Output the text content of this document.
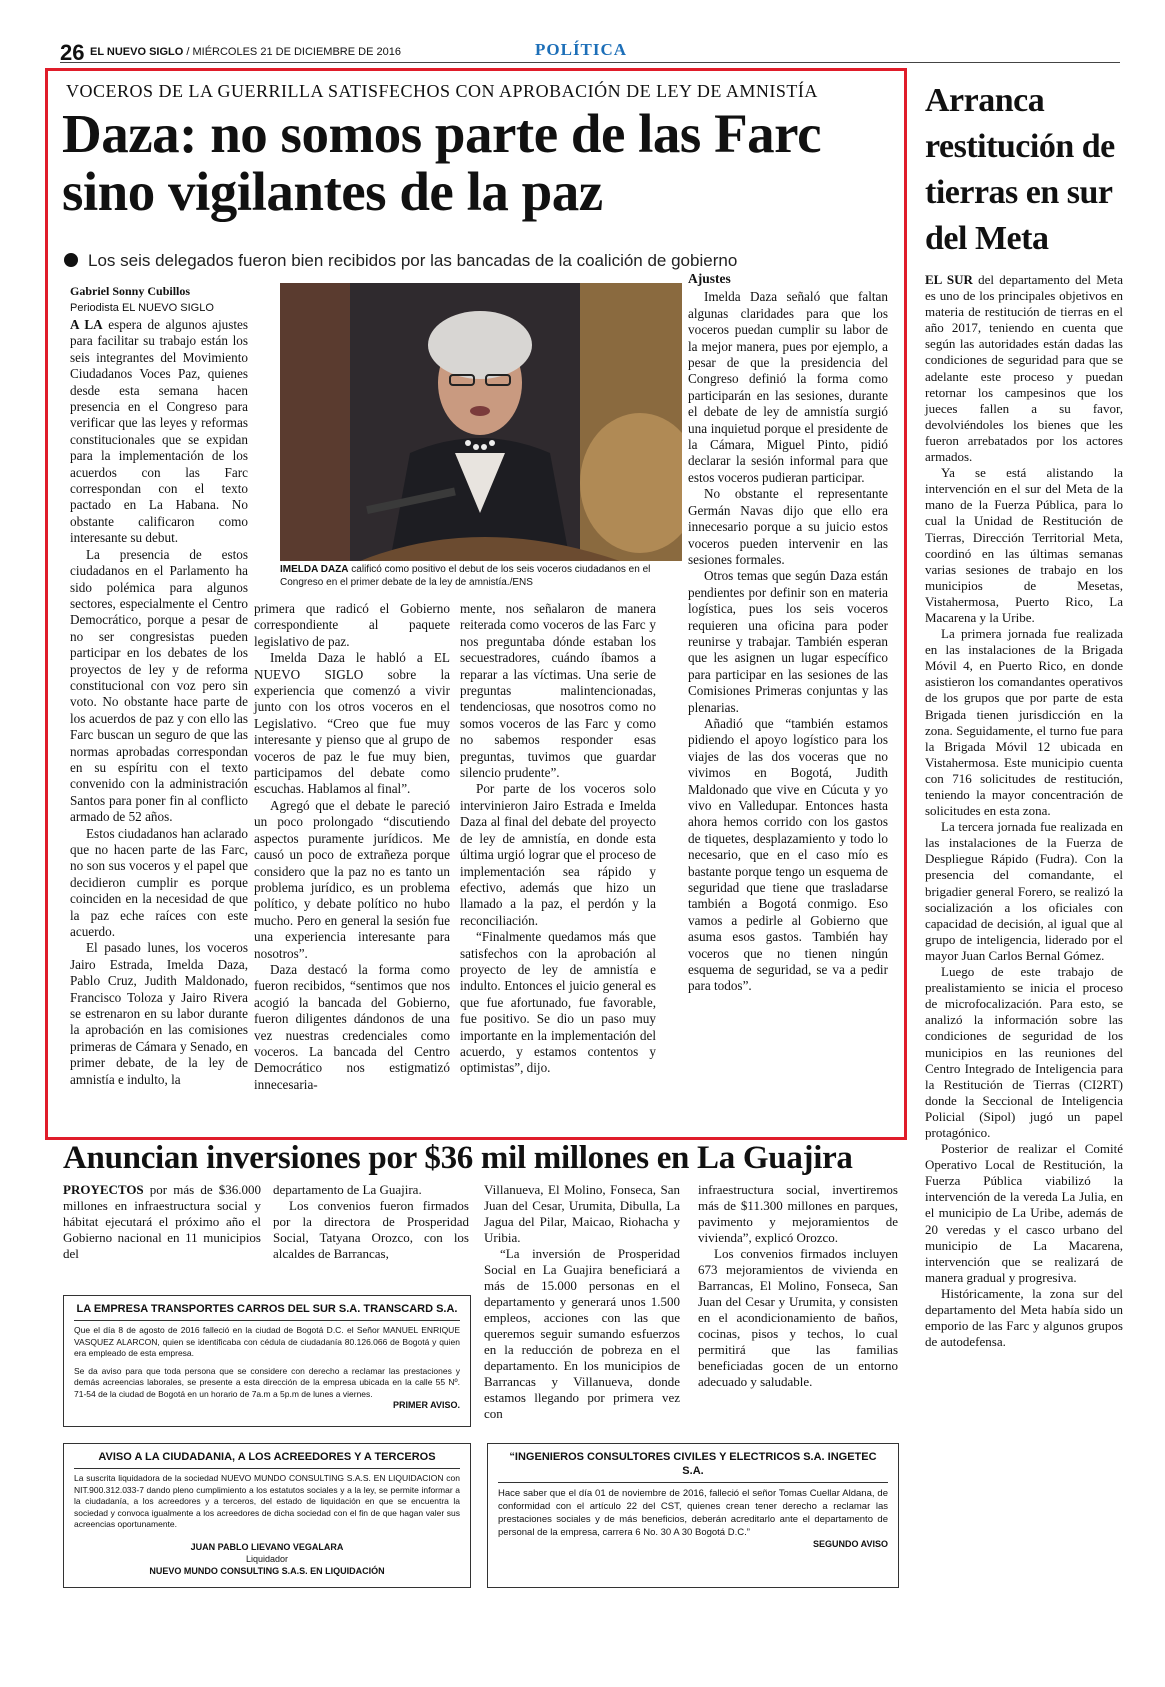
26 EL NUEVO SIGLO / MIÉRCOLES 21 DE DICIEMBRE DE 2016	POLÍTICA
VOCEROS DE LA GUERRILLA SATISFECHOS CON APROBACIÓN DE LEY DE AMNISTÍA
Daza: no somos parte de las Farc sino vigilantes de la paz
Los seis delegados fueron bien recibidos por las bancadas de la coalición de gobierno
Gabriel Sonny Cubillos
Periodista EL NUEVO SIGLO

A LA espera de algunos ajustes para facilitar su trabajo están los seis integrantes del Movimiento Ciudadanos Voces Paz, quienes desde esta semana hacen presencia en el Congreso para verificar que las leyes y reformas constitucionales que se expidan para la implementación de los acuerdos con las Farc correspondan con el texto pactado en La Habana. No obstante calificaron como interesante su debut.

La presencia de estos ciudadanos en el Parlamento ha sido polémica para algunos sectores, especialmente el Centro Democrático, porque a pesar de no ser congresistas pueden participar en los debates de los proyectos de ley y de reforma constitucional con voz pero sin voto. No obstante hace parte de los acuerdos de paz y con ello las Farc buscan un seguro de que las normas aprobadas correspondan en su espíritu con el texto convenido con la administración Santos para poner fin al conflicto armado de 52 años.

Estos ciudadanos han aclarado que no hacen parte de las Farc, no son sus voceros y el papel que decidieron cumplir es porque coinciden en la necesidad de que la paz eche raíces con este acuerdo.

El pasado lunes, los voceros Jairo Estrada, Imelda Daza, Pablo Cruz, Judith Maldonado, Francisco Toloza y Jairo Rivera se estrenaron en su labor durante la aprobación en las comisiones primeras de Cámara y Senado, en primer debate, de la ley de amnistía e indulto, la

IMELDA DAZA calificó como positivo el debut de los seis voceros ciudadanos en el Congreso en el primer debate de la ley de amnistía./ENS

primera que radicó el Gobierno correspondiente al paquete legislativo de paz.

Imelda Daza le habló a EL NUEVO SIGLO sobre la experiencia que comenzó a vivir junto con los otros voceros en el Legislativo. “Creo que fue muy interesante y pienso que al grupo de voceros de paz le fue muy bien, participamos del debate como escuchas. Hablamos al final”.

Agregó que el debate le pareció un poco prolongado “discutiendo aspectos puramente jurídicos. Me causó un poco de extrañeza porque considero que la paz no es tanto un problema jurídico, es un problema político, y debate político no hubo mucho. Pero en general la sesión fue una experiencia interesante para nosotros”.

Daza destacó la forma como fueron recibidos, “sentimos que nos acogió la bancada del Gobierno, fueron diligentes dándonos de una vez nuestras credenciales como voceros. La bancada del Centro Democrático nos estigmatizó innecesaria-

mente, nos señalaron de manera reiterada como voceros de las Farc y nos preguntaba dónde estaban los secuestradores, cuándo íbamos a reparar a las víctimas. Una serie de preguntas malintencionadas, tendenciosas, que nosotros como no somos voceros de las Farc y como no sabemos responder esas preguntas, tuvimos que guardar silencio prudente”.

Por parte de los voceros solo intervinieron Jairo Estrada e Imelda Daza al final del debate del proyecto de ley de amnistía, en donde esta última urgió lograr que el proceso de implementación sea rápido y efectivo, además que hizo un llamado a la paz, el perdón y la reconciliación.

“Finalmente quedamos más que satisfechos con la aprobación al proyecto de ley de amnistía e indulto. Entonces el juicio general es que fue afortunado, fue favorable, fue positivo. Se dio un paso muy importante en la implementación del acuerdo, y estamos contentos y optimistas”, dijo.

Ajustes

Imelda Daza señaló que faltan algunas claridades para que los voceros puedan cumplir su labor de la mejor manera, pues por ejemplo, a pesar de que la presidencia del Congreso definió la forma como participarán en las sesiones, durante el debate de ley de amnistía surgió una inquietud porque el presidente de la Cámara, Miguel Pinto, pidió declarar la sesión informal para que estos voceros pudieran participar.

No obstante el representante Germán Navas dijo que ello era innecesario porque a su juicio estos voceros pueden intervenir en las sesiones formales.

Otros temas que según Daza están pendientes por definir son en materia logística, pues los seis voceros requieren una oficina para poder reunirse y trabajar. También esperan que les asignen un lugar específico para participar en las sesiones de las Comisiones Primeras conjuntas y las plenarias.

Añadió que “también estamos pidiendo el apoyo logístico para los viajes de las dos voceras que no vivimos en Bogotá, Judith Maldonado que vive en Cúcuta y yo vivo en Valledupar. Entonces hasta ahora hemos corrido con los gastos de tiquetes, desplazamiento y todo lo necesario, que en el caso mío es bastante porque tengo un esquema de seguridad que tiene que trasladarse también a Bogotá conmigo. Eso vamos a pedirle al Gobierno que asuma esos gastos. También hay voceros que no tienen ningún esquema de seguridad, se va a pedir para todos”.

Arranca restitución de tierras en sur del Meta

EL SUR del departamento del Meta es uno de los principales objetivos en materia de restitución de tierras en el año 2017, teniendo en cuenta que según las autoridades están dadas las condiciones de seguridad para que se adelante este proceso y puedan retornar los campesinos que los jueces fallen a su favor, devolviéndoles los bienes que les fueron arrebatados por los actores armados.

Ya se está alistando la intervención en el sur del Meta de la mano de la Fuerza Pública, para lo cual la Unidad de Restitución de Tierras, Dirección Territorial Meta, coordinó en las últimas semanas varias sesiones de trabajo en los municipios de Mesetas, Vistahermosa, Puerto Rico, La Macarena y la Uribe.

La primera jornada fue realizada en las instalaciones de la Brigada Móvil 4, en Puerto Rico, en donde asistieron los comandantes operativos de los grupos que por parte de esta Brigada tienen jurisdicción en la zona. Seguidamente, el turno fue para la Brigada Móvil 12 ubicada en Vistahermosa. Este municipio cuenta con 716 solicitudes de restitución, teniendo la mayor concentración de solicitudes en esta zona.

La tercera jornada fue realizada en las instalaciones de la Fuerza de Despliegue Rápido (Fudra). Con la presencia del comandante, el brigadier general Forero, se realizó la socialización a los oficiales con capacidad de decisión, al igual que al grupo de inteligencia, liderado por el mayor Juan Carlos Bernal Gómez.

Luego de este trabajo de prealistamiento se inicia el proceso de microfocalización. Para esto, se analizó la información sobre las condiciones de seguridad de los municipios en las reuniones del Centro Integrado de Inteligencia para la Restitución de Tierras (CI2RT) donde la Seccional de Inteligencia Policial (Sipol) jugó un papel protagónico.

Posterior de realizar el Comité Operativo Local de Restitución, la Fuerza Pública viabilizó la intervención de la vereda La Julia, en el municipio de La Uribe, además de 20 veredas y el casco urbano del municipio de La Macarena, intervención que se realizará de manera gradual y progresiva.

Históricamente, la zona sur del departamento del Meta había sido un emporio de las Farc y algunos grupos de autodefensa.

Anuncian inversiones por $36 mil millones en La Guajira

PROYECTOS por más de $36.000 millones en infraestructura social y hábitat ejecutará el próximo año el Gobierno nacional en 11 municipios del

departamento de La Guajira.

Los convenios fueron firmados por la directora de Prosperidad Social, Tatyana Orozco, con los alcaldes de Barrancas,

Villanueva, El Molino, Fonseca, San Juan del Cesar, Urumita, Dibulla, La Jagua del Pilar, Maicao, Riohacha y Uribia.

“La inversión de Prosperidad Social en La Guajira beneficiará a más de 15.000 personas en el departamento y generará unos 1.500 empleos, acciones con las que queremos seguir sumando esfuerzos en la reducción de pobreza en el departamento. En los municipios de Barrancas y Villanueva, donde estamos llegando por primera vez con

infraestructura social, invertiremos más de $11.300 millones en parques, pavimento y mejoramientos de vivienda”, explicó Orozco.

Los convenios firmados incluyen 673 mejoramientos de vivienda en Barrancas, El Molino, Fonseca, San Juan del Cesar y Urumita, y consisten en el acondicionamiento de baños, cocinas, pisos y techos, lo cual permitirá que las familias beneficiadas gocen de un entorno adecuado y saludable.

LA EMPRESA TRANSPORTES CARROS DEL SUR S.A. TRANSCARD S.A.
Que el día 8 de agosto de 2016 falleció en la ciudad de Bogotá D.C. el Señor MANUEL ENRIQUE VASQUEZ ALARCON, quien se identificaba con cédula de ciudadanía 80.126.066 de Bogotá y quien era empleado de esta empresa.
Se da aviso para que toda persona que se considere con derecho a reclamar las prestaciones y demás acreencias laborales, se presente a esta dirección de la empresa ubicada en la calle 55 Nº. 71-54 de la ciudad de Bogotá en un horario de 7a.m a 5p.m de lunes a viernes.
PRIMER AVISO.
AVISO A LA CIUDADANIA, A LOS ACREEDORES Y A TERCEROS
La suscrita liquidadora de la sociedad NUEVO MUNDO CONSULTING S.A.S. EN LIQUIDACION con NIT.900.312.033-7 dando pleno cumplimiento a los estatutos sociales y a la ley, se permite informar a la ciudadanía, a los acreedores y a terceros, del estado de liquidación en que se encuentra la sociedad y convoca igualmente a los acreedores de dicha sociedad con el fin de que hagan valer sus acreencias oportunamente.
JUAN PABLO LIEVANO VEGALARA
Liquidador
NUEVO MUNDO CONSULTING S.A.S. EN LIQUIDACIÓN
“INGENIEROS CONSULTORES CIVILES Y ELECTRICOS S.A. INGETEC S.A.
Hace saber que el día 01 de noviembre de 2016, falleció el señor Tomas Cuellar Aldana, de conformidad con el artículo 22 del CST, quienes crean tener derecho a reclamar las prestaciones sociales y de más beneficios, deberán acreditarlo ante el departamento de personal de la empresa, carrera 6 No. 30 A 30 Bogotá D.C.”
SEGUNDO AVISO
